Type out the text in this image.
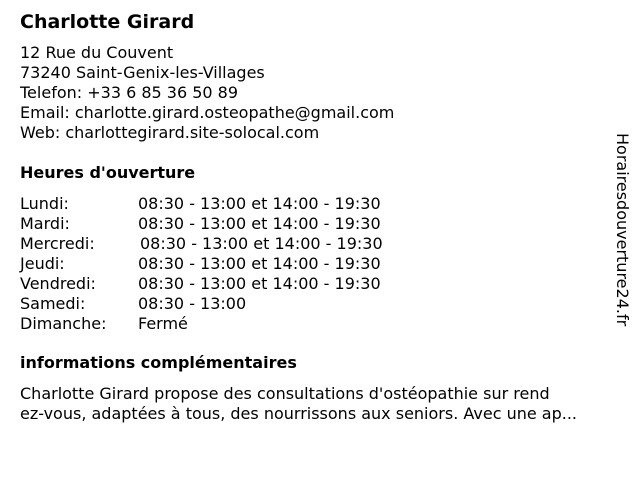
Charlotte Girard
12 Rue du Couvent
73240 Saint-Genix-les-Villages
Telefon: +33 6 85 36 50 89
Email: charlotte.girard.osteopathe@gmail.com
Web: charlottegirard.site-solocal.com
Heures d'ouverture
Lundi:	08:30 - 13:00 et 14:00 - 19:30
Mardi:	08:30 - 13:00 et 14:00 - 19:30
Mercredi:	08:30 - 13:00 et 14:00 - 19:30
Jeudi:	08:30 - 13:00 et 14:00 - 19:30
Vendredi:	08:30 - 13:00 et 14:00 - 19:30
Samedi:	08:30 - 13:00
Dimanche: Fermé
informations complémentaires
Charlotte Girard propose des consultations d'ostéopathie sur rend
ez-vous, adaptées à tous, des nourrissons aux seniors. Avec une ap...
Horairesdouverture24.fr
